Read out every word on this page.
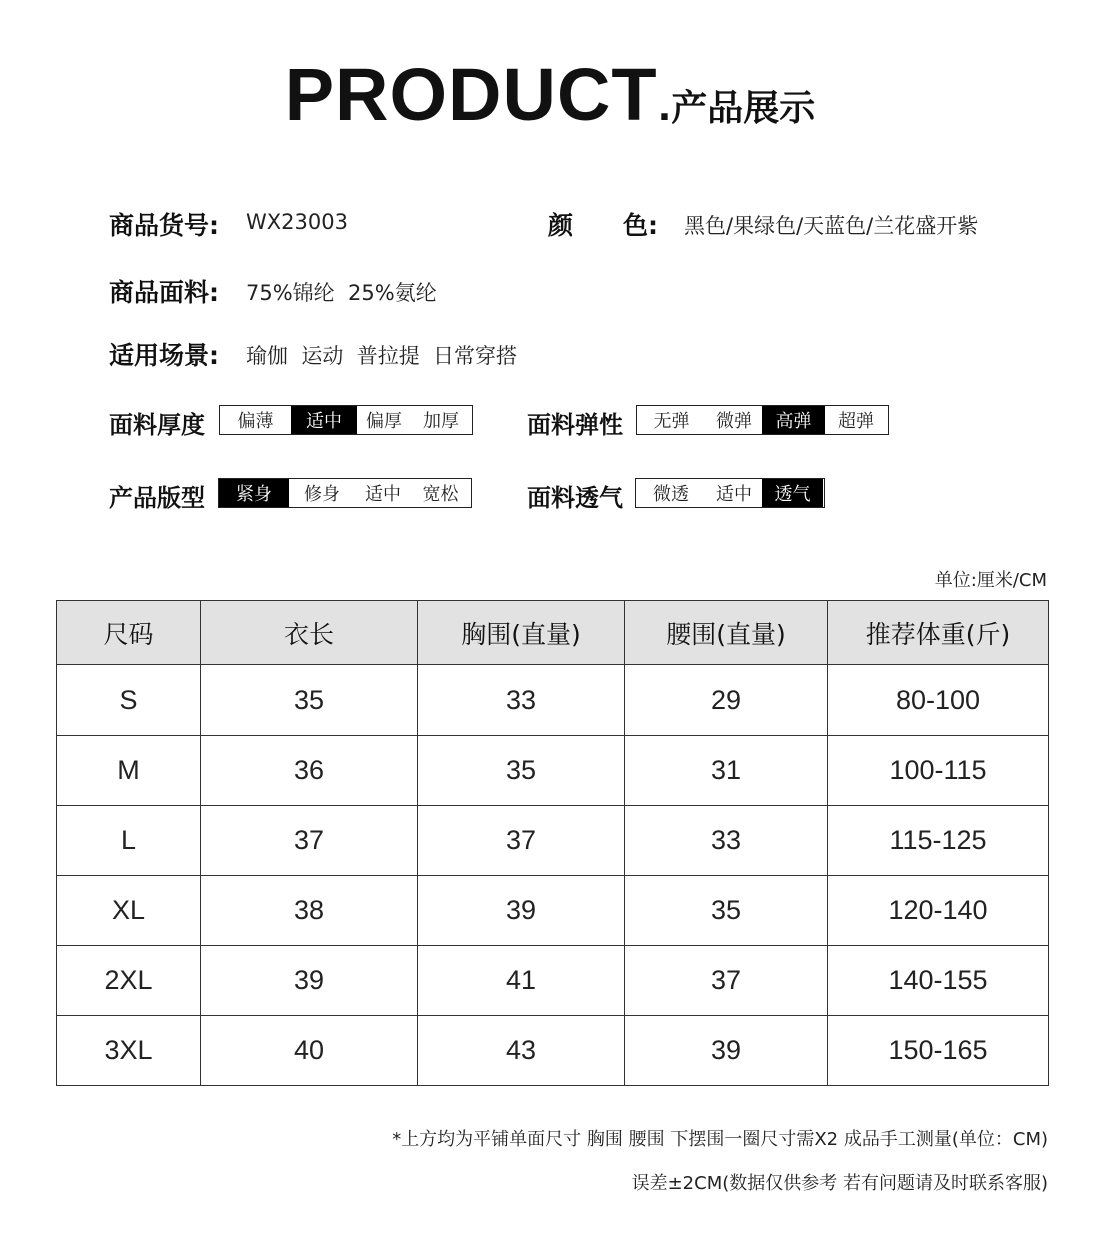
PRODUCT.产品展示
商品货号: WX23003	颜　　色: 黑色/果绿色/天蓝色/兰花盛开紫
商品面料: 75%锦纶  25%氨纶
适用场景: 瑜伽  运动  普拉提  日常穿搭
面料厚度	偏薄	适中	偏厚	加厚	面料弹性	无弹	微弹	高弹	超弹
产品版型	紧身	修身	适中	宽松	面料透气	微透	适中	透气
单位:厘米/CM
尺码	衣长	胸围(直量)	腰围(直量)	推荐体重(斤)
S	35	33	29	80-100
M	36	35	31	100-115
L	37	37	33	115-125
XL	38	39	35	120-140
2XL	39	41	37	140-155
3XL	40	43	39	150-165
*上方均为平铺单面尺寸 胸围 腰围 下摆围一圈尺寸需X2 成品手工测量(单位：CM)
误差±2CM(数据仅供参考 若有问题请及时联系客服)
